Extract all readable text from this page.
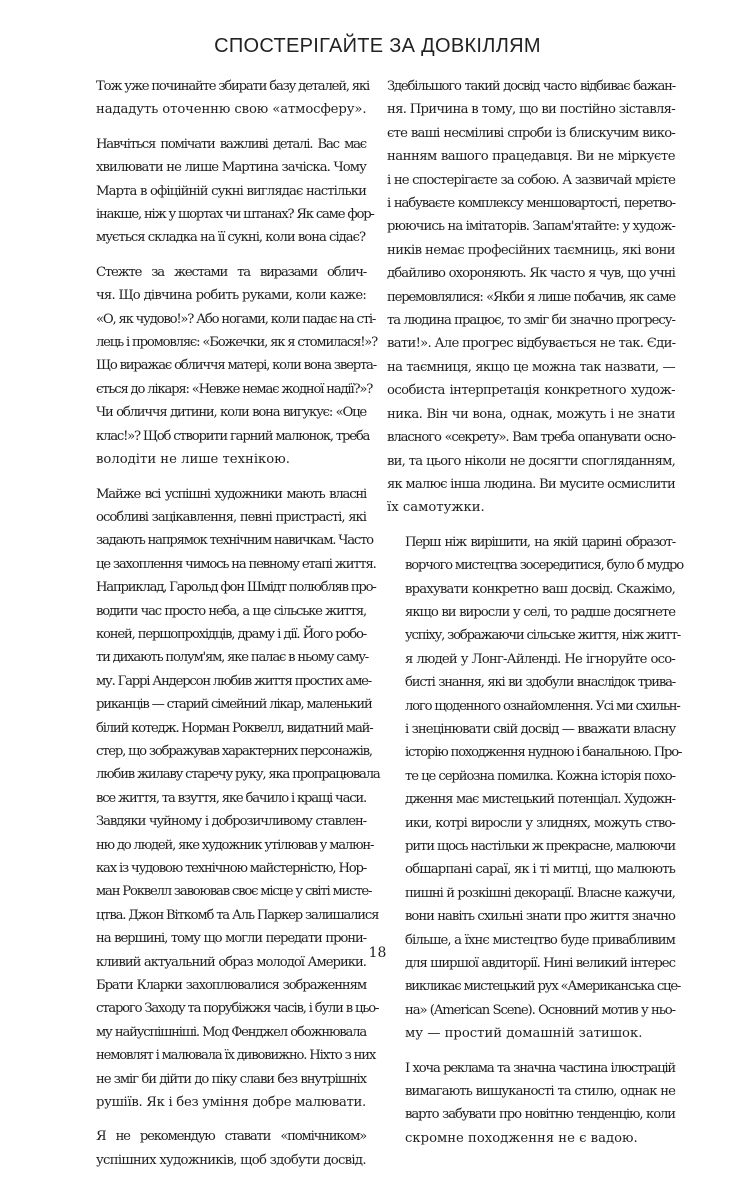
СПОСТЕРІГАЙТЕ ЗА ДОВКІЛЛЯМ

Тож уже починайте збирати базу деталей, які
нададуть оточенню свою «атмосферу».

Навчіться помічати важливі деталі. Вас має
хвилювати не лише Мартина зачіска. Чому
Марта в офіційній сукні виглядає настільки
інакше, ніж у шортах чи штанах? Як саме фор-
мується складка на її сукні, коли вона сідає?

Стежте за жестами та виразами облич-
чя. Що дівчина робить руками, коли каже:
«О, як чудово!»? Або ногами, коли падає на сті-
лець і промовляє: «Божечки, як я стомилася!»?
Що виражає обличчя матері, коли вона зверта-
ється до лікаря: «Невже немає жодної надії?»?
Чи обличчя дитини, коли вона вигукує: «Оце
клас!»? Щоб створити гарний малюнок, треба
володіти не лише технікою.

Майже всі успішні художники мають власні
особливі зацікавлення, певні пристрасті, які
задають напрямок технічним навичкам. Часто
це захоплення чимось на певному етапі життя.
Наприклад, Гарольд фон Шмідт полюбляв про-
водити час просто неба, а ще сільське життя,
коней, першопрохідців, драму і дії. Його робо-
ти дихають полум'ям, яке палає в ньому саму-
му. Гаррі Андерсон любив життя простих аме-
риканців — старий сімейний лікар, маленький
білий котедж. Норман Роквелл, видатний май-
стер, що зображував характерних персонажів,
любив жилаву старечу руку, яка пропрацювала
все життя, та взуття, яке бачило і кращі часи.
Завдяки чуйному і доброзичливому ставлен-
ню до людей, яке художник утілював у малюн-
ках із чудовою технічною майстерністю, Нор-
ман Роквелл завоював своє місце у світі мисте-
цтва. Джон Віткомб та Аль Паркер залишалися
на вершині, тому що могли передати прони-
кливий актуальний образ молодої Америки.
Брати Кларки захоплювалися зображенням
старого Заходу та порубіжжя часів, і були в цьо-
му найуспішніші. Мод Фенджел обожнювала
немовлят і малювала їх дивовижно. Ніхто з них
не зміг би дійти до піку слави без внутрішніх
рушіїв. Як і без уміння добре малювати.

Я не рекомендую ставати «помічником»
успішних художників, щоб здобути досвід.

Здебільшого такий досвід часто відбиває бажан-
ня. Причина в тому, що ви постійно зіставля-
єте ваші несміливі спроби із блискучим вико-
нанням вашого працедавця. Ви не міркуєте
і не спостерігаєте за собою. А зазвичай мрієте
і набуваєте комплексу меншовартості, перетво-
рюючись на імітаторів. Запам'ятайте: у худож-
ників немає професійних таємниць, які вони
дбайливо охороняють. Як часто я чув, що учні
перемовлялися: «Якби я лише побачив, як саме
та людина працює, то зміг би значно прогресу-
вати!». Але прогрес відбувається не так. Єди-
на таємниця, якщо це можна так назвати, —
особиста інтерпретація конкретного худож-
ника. Він чи вона, однак, можуть і не знати
власного «секрету». Вам треба опанувати осно-
ви, та цього ніколи не досягти спогляданням,
як малює інша людина. Ви мусите осмислити
їх самотужки.

Перш ніж вирішити, на якій царині образот-
ворчого мистецтва зосередитися, було б мудро
врахувати конкретно ваш досвід. Скажімо,
якщо ви виросли у селі, то радше досягнете
успіху, зображаючи сільське життя, ніж житт-
я людей у Лонг-Айленді. Не ігноруйте осо-
бисті знання, які ви здобули внаслідок трива-
лого щоденного ознайомлення. Усі ми схильн-
і знецінювати свій досвід — вважати власну
історію походження нудною і банальною. Про-
те це серйозна помилка. Кожна історія похо-
дження має мистецький потенціал. Художн-
ики, котрі виросли у злиднях, можуть ство-
рити щось настільки ж прекрасне, малюючи
обшарпані сараї, як і ті митці, що малюють
пишні й розкішні декорації. Власне кажучи,
вони навіть схильні знати про життя значно
більше, а їхнє мистецтво буде привабливим
для ширшої авдиторії. Нині великий інтерес
викликає мистецький рух «Американська сце-
на» (American Scene). Основний мотив у ньо-
му — простий домашній затишок.

І хоча реклама та значна частина ілюстрацій
вимагають вишуканості та стилю, однак не
варто забувати про новітню тенденцію, коли
скромне походження не є вадою.

18
